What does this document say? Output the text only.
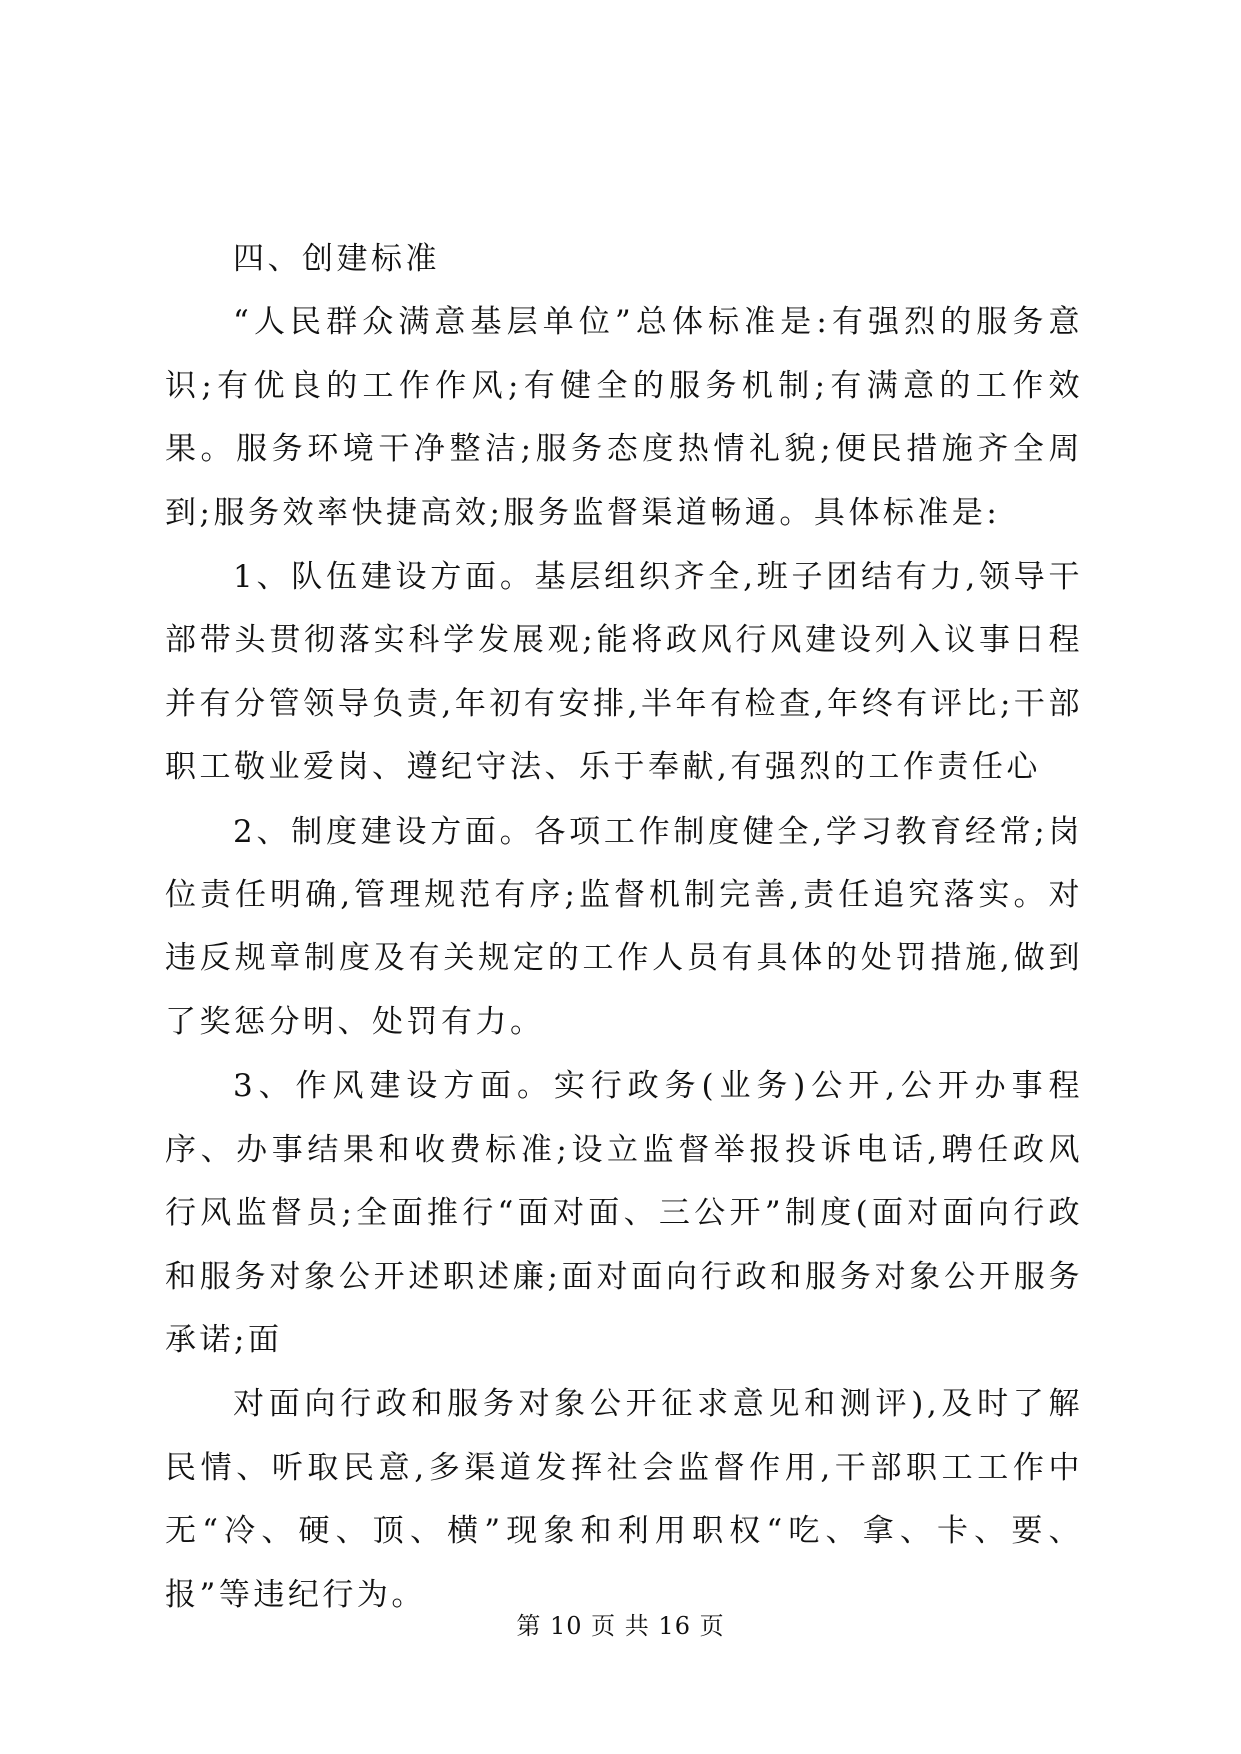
四、创建标准

“人民群众满意基层单位”总体标准是:有强烈的服务意识;有优良的工作作风;有健全的服务机制;有满意的工作效果。服务环境干净整洁;服务态度热情礼貌;便民措施齐全周到;服务效率快捷高效;服务监督渠道畅通。具体标准是:

1、队伍建设方面。基层组织齐全,班子团结有力,领导干部带头贯彻落实科学发展观;能将政风行风建设列入议事日程并有分管领导负责,年初有安排,半年有检查,年终有评比;干部职工敬业爱岗、遵纪守法、乐于奉献,有强烈的工作责任心

2、制度建设方面。各项工作制度健全,学习教育经常;岗位责任明确,管理规范有序;监督机制完善,责任追究落实。对违反规章制度及有关规定的工作人员有具体的处罚措施,做到了奖惩分明、处罚有力。

3、作风建设方面。实行政务(业务)公开,公开办事程序、办事结果和收费标准;设立监督举报投诉电话,聘任政风行风监督员;全面推行“面对面、三公开”制度(面对面向行政和服务对象公开述职述廉;面对面向行政和服务对象公开服务承诺;面

对面向行政和服务对象公开征求意见和测评),及时了解民情、听取民意,多渠道发挥社会监督作用,干部职工工作中无“冷、硬、顶、横”现象和利用职权“吃、拿、卡、要、报”等违纪行为。

第 10 页 共 16 页
